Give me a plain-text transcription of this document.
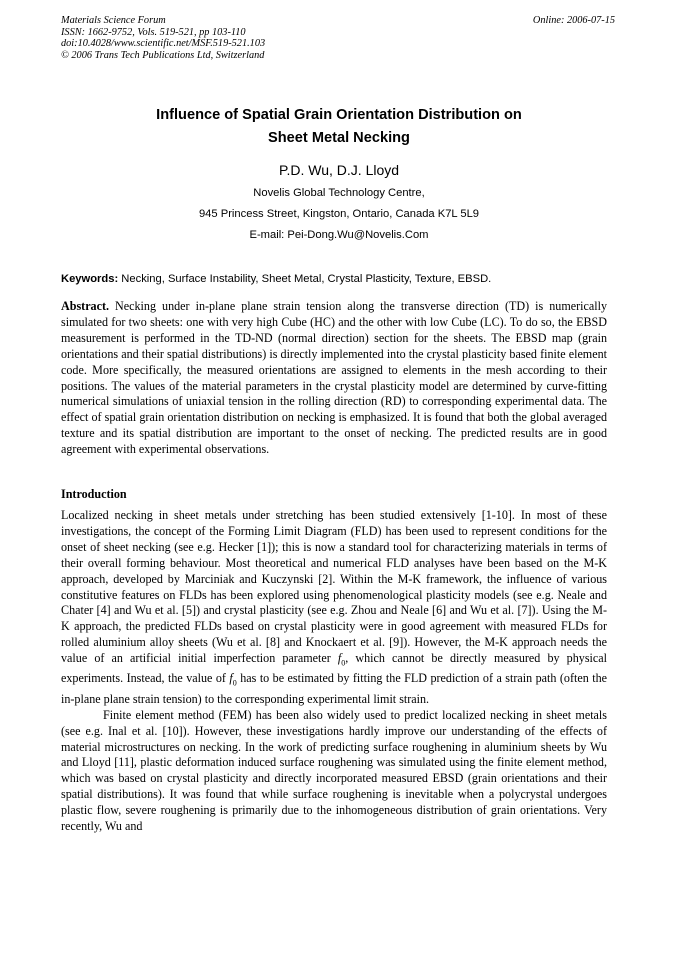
Materials Science Forum
ISSN: 1662-9752, Vols. 519-521, pp 103-110
doi:10.4028/www.scientific.net/MSF.519-521.103
© 2006 Trans Tech Publications Ltd, Switzerland
Online: 2006-07-15
Influence of Spatial Grain Orientation Distribution on
Sheet Metal Necking
P.D. Wu, D.J. Lloyd
Novelis Global Technology Centre,
945 Princess Street, Kingston, Ontario, Canada K7L 5L9
E-mail: Pei-Dong.Wu@Novelis.Com
Keywords: Necking, Surface Instability, Sheet Metal, Crystal Plasticity, Texture, EBSD.
Abstract. Necking under in-plane plane strain tension along the transverse direction (TD) is numerically simulated for two sheets: one with very high Cube (HC) and the other with low Cube (LC). To do so, the EBSD measurement is performed in the TD-ND (normal direction) section for the sheets. The EBSD map (grain orientations and their spatial distributions) is directly implemented into the crystal plasticity based finite element code. More specifically, the measured orientations are assigned to elements in the mesh according to their positions. The values of the material parameters in the crystal plasticity model are determined by curve-fitting numerical simulations of uniaxial tension in the rolling direction (RD) to corresponding experimental data. The effect of spatial grain orientation distribution on necking is emphasized. It is found that both the global averaged texture and its spatial distribution are important to the onset of necking. The predicted results are in good agreement with experimental observations.
Introduction

Localized necking in sheet metals under stretching has been studied extensively [1-10]. In most of these investigations, the concept of the Forming Limit Diagram (FLD) has been used to represent conditions for the onset of sheet necking (see e.g. Hecker [1]); this is now a standard tool for characterizing materials in terms of their overall forming behaviour. Most theoretical and numerical FLD analyses have been based on the M-K approach, developed by Marciniak and Kuczynski [2]. Within the M-K framework, the influence of various constitutive features on FLDs has been explored using phenomenological plasticity models (see e.g. Neale and Chater [4] and Wu et al. [5]) and crystal plasticity (see e.g. Zhou and Neale [6] and Wu et al. [7]). Using the M-K approach, the predicted FLDs based on crystal plasticity were in good agreement with measured FLDs for rolled aluminium alloy sheets (Wu et al. [8] and Knockaert et al. [9]). However, the M-K approach needs the value of an artificial initial imperfection parameter $f_0$, which cannot be directly measured by physical experiments. Instead, the value of $f_0$ has to be estimated by fitting the FLD prediction of a strain path (often the in-plane plane strain tension) to the corresponding experimental limit strain.

Finite element method (FEM) has been also widely used to predict localized necking in sheet metals (see e.g. Inal et al. [10]). However, these investigations hardly improve our understanding of the effects of material microstructures on necking. In the work of predicting surface roughening in aluminium sheets by Wu and Lloyd [11], plastic deformation induced surface roughening was simulated using the finite element method, which was based on crystal plasticity and directly incorporated measured EBSD (grain orientations and their spatial distributions). It was found that while surface roughening is inevitable when a polycrystal undergoes plastic flow, severe roughening is primarily due to the inhomogeneous distribution of grain orientations. Very recently, Wu and
